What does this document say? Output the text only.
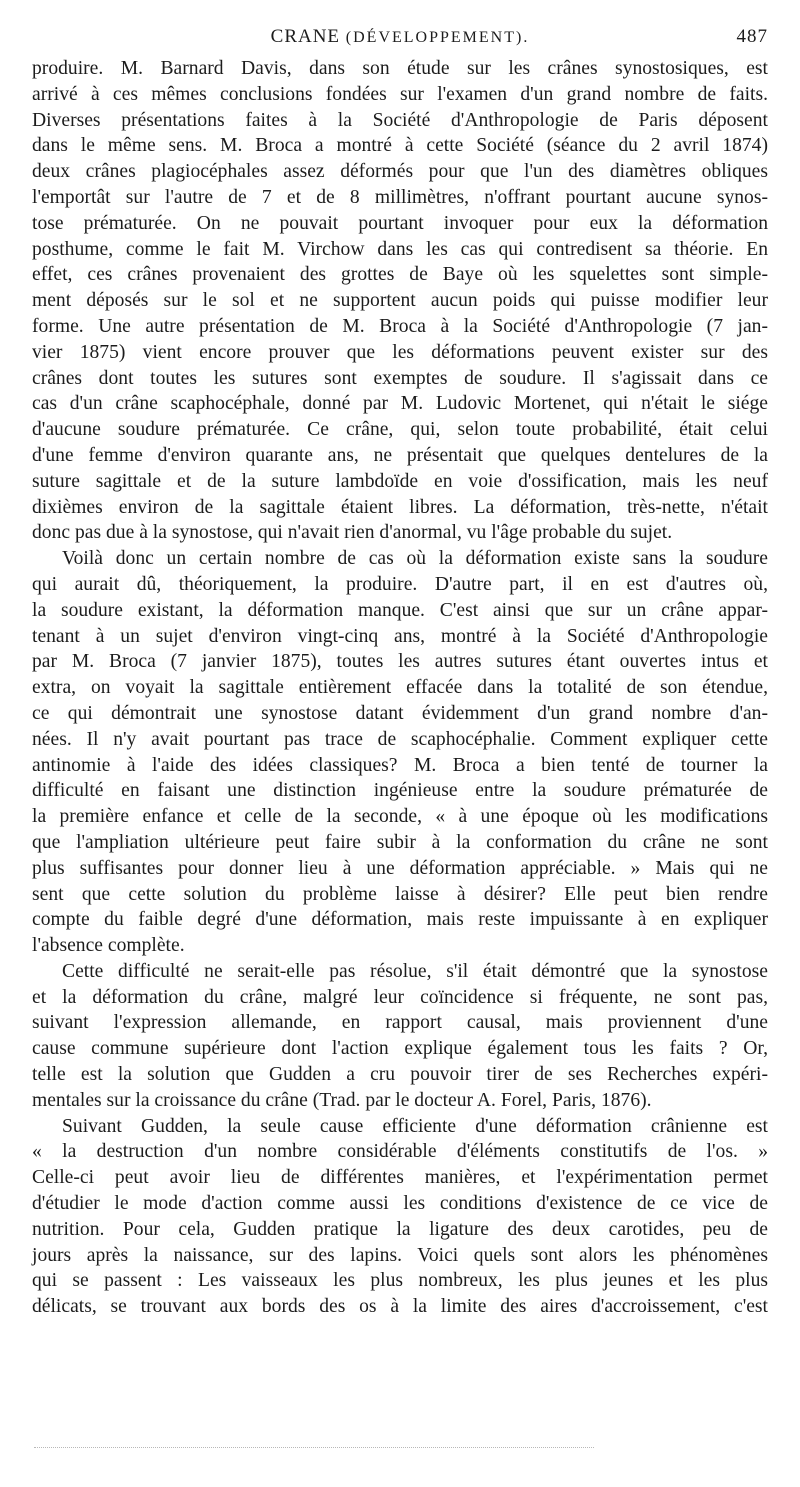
CRANE (DÉVELOPPEMENT).	487
produire. M. Barnard Davis, dans son étude sur les crânes synostosiques, est
arrivé à ces mêmes conclusions fondées sur l'examen d'un grand nombre de faits.
Diverses présentations faites à la Société d'Anthropologie de Paris déposent
dans le même sens. M. Broca a montré à cette Société (séance du 2 avril 1874)
deux crânes plagiocéphales assez déformés pour que l'un des diamètres obliques
l'emportât sur l'autre de 7 et de 8 millimètres, n'offrant pourtant aucune synos-
tose prématurée. On ne pouvait pourtant invoquer pour eux la déformation
posthume, comme le fait M. Virchow dans les cas qui contredisent sa théorie. En
effet, ces crânes provenaient des grottes de Baye où les squelettes sont simple-
ment déposés sur le sol et ne supportent aucun poids qui puisse modifier leur
forme. Une autre présentation de M. Broca à la Société d'Anthropologie (7 jan-
vier 1875) vient encore prouver que les déformations peuvent exister sur des
crânes dont toutes les sutures sont exemptes de soudure. Il s'agissait dans ce
cas d'un crâne scaphocéphale, donné par M. Ludovic Mortenet, qui n'était le siége
d'aucune soudure prématurée. Ce crâne, qui, selon toute probabilité, était celui
d'une femme d'environ quarante ans, ne présentait que quelques dentelures de la
suture sagittale et de la suture lambdoïde en voie d'ossification, mais les neuf
dixièmes environ de la sagittale étaient libres. La déformation, très-nette, n'était
donc pas due à la synostose, qui n'avait rien d'anormal, vu l'âge probable du sujet.
Voilà donc un certain nombre de cas où la déformation existe sans la soudure
qui aurait dû, théoriquement, la produire. D'autre part, il en est d'autres où,
la soudure existant, la déformation manque. C'est ainsi que sur un crâne appar-
tenant à un sujet d'environ vingt-cinq ans, montré à la Société d'Anthropologie
par M. Broca (7 janvier 1875), toutes les autres sutures étant ouvertes intus et
extra, on voyait la sagittale entièrement effacée dans la totalité de son étendue,
ce qui démontrait une synostose datant évidemment d'un grand nombre d'an-
nées. Il n'y avait pourtant pas trace de scaphocéphalie. Comment expliquer cette
antinomie à l'aide des idées classiques? M. Broca a bien tenté de tourner la
difficulté en faisant une distinction ingénieuse entre la soudure prématurée de
la première enfance et celle de la seconde, « à une époque où les modifications
que l'ampliation ultérieure peut faire subir à la conformation du crâne ne sont
plus suffisantes pour donner lieu à une déformation appréciable. » Mais qui ne
sent que cette solution du problème laisse à désirer? Elle peut bien rendre
compte du faible degré d'une déformation, mais reste impuissante à en expliquer
l'absence complète.
Cette difficulté ne serait-elle pas résolue, s'il était démontré que la synostose
et la déformation du crâne, malgré leur coïncidence si fréquente, ne sont pas,
suivant l'expression allemande, en rapport causal, mais proviennent d'une
cause commune supérieure dont l'action explique également tous les faits ? Or,
telle est la solution que Gudden a cru pouvoir tirer de ses Recherches expéri-
mentales sur la croissance du crâne (Trad. par le docteur A. Forel, Paris, 1876).
Suivant Gudden, la seule cause efficiente d'une déformation crânienne est
« la destruction d'un nombre considérable d'éléments constitutifs de l'os. »
Celle-ci peut avoir lieu de différentes manières, et l'expérimentation permet
d'étudier le mode d'action comme aussi les conditions d'existence de ce vice de
nutrition. Pour cela, Gudden pratique la ligature des deux carotides, peu de
jours après la naissance, sur des lapins. Voici quels sont alors les phénomènes
qui se passent : Les vaisseaux les plus nombreux, les plus jeunes et les plus
délicats, se trouvant aux bords des os à la limite des aires d'accroissement, c'est
